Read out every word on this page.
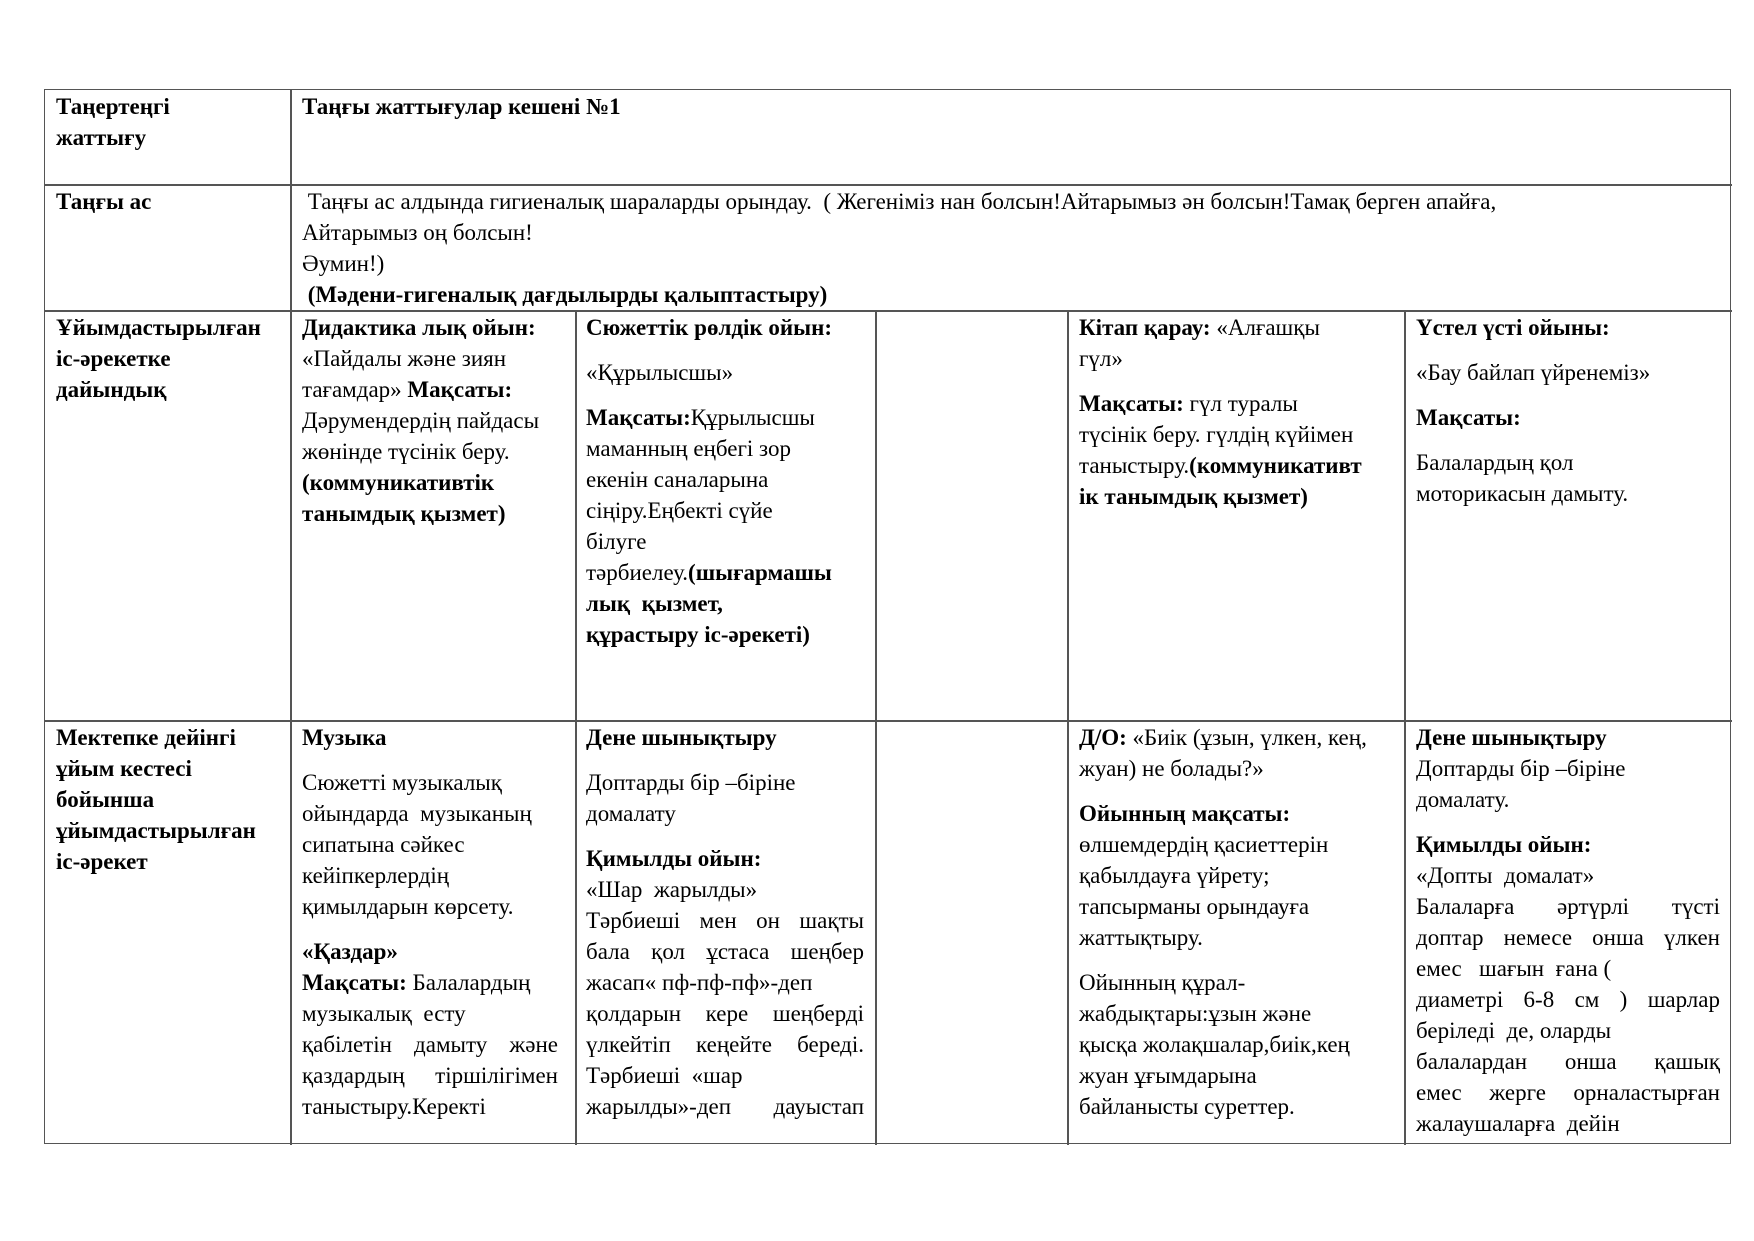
Таңертеңгі
жаттығу
Таңғы жаттығулар кешені №1
Таңғы ас	Таңғы ас алдында гигиеналық шараларды орындау.  ( Жегеніміз нан болсын!Айтарымыз ән болсын!Тамақ берген апайға,
Айтарымыз оң болсын!
Әумин!)
(Мәдени-гигеналық дағдылырды қалыптастыру)
Ұйымдастырылған
іс-әрекетке
дайындық
Дидактика лық ойын:
«Пайдалы және зиян
тағамдар» Мақсаты:
Дәрумендердің пайдасы
жөнінде түсінік беру.
(коммуникативтік
танымдық қызмет)
Сюжеттік рөлдік ойын:
«Құрылысшы»
Мақсаты:Құрылысшы
маманның еңбегі зор
екенін саналарына
сіңіру.Еңбекті сүйе
білуге
тәрбиелеу.(шығармашы
лық  қызмет,
құрастыру іс-әрекеті)
Кітап қарау: «Алғашқы
гүл»
Мақсаты: гүл туралы
түсінік беру. гүлдің күйімен
таныстыру.(коммуникативт
ік танымдық қызмет)
Үстел үсті ойыны:
«Бау байлап үйренеміз»
Мақсаты:
Балалардың қол
моторикасын дамыту.
Мектепке дейінгі
ұйым кестесі
бойынша
ұйымдастырылған
іс-әрекет
Музыка
Сюжетті музыкалық
ойындарда  музыканың
сипатына сәйкес
кейіпкерлердің
қимылдарын көрсету.
«Қаздар»
Мақсаты: Балалардың
музыкалық  есту
қабілетін дамыту және
қаздардың тіршілігімен
таныстыру.Керекті
Дене шынықтыру
Доптарды бір –біріне
домалату
Қимылды ойын:
«Шар  жарылды»
Тәрбиеші мен он шақты
бала қол ұстаса шеңбер
жасап« пф-пф-пф»-деп
қолдарын кере шеңберді
үлкейтіп кеңейте береді.
Тәрбиеші  «шар
жарылды»-деп дауыстап
Д/О: «Биік (ұзын, үлкен, кең,
жуан) не болады?»
Ойынның мақсаты:
өлшемдердің қасиеттерін
қабылдауға үйрету;
тапсырманы орындауға
жаттықтыру.
Ойынның құрал-
жабдықтары:ұзын және
қысқа жолақшалар,биік,кең
жуан ұғымдарына
байланысты суреттер.
Дене шынықтыру
Доптарды бір –біріне
домалату.
Қимылды ойын:
«Допты  домалат»
Балаларға әртүрлі түсті
доптар немесе онша үлкен
емес   шағын  ғана (
диаметрі 6-8 см ) шарлар
беріледі  де, оларды
балалардан онша қашық
емес жерге орналастырған
жалаушаларға  дейін
